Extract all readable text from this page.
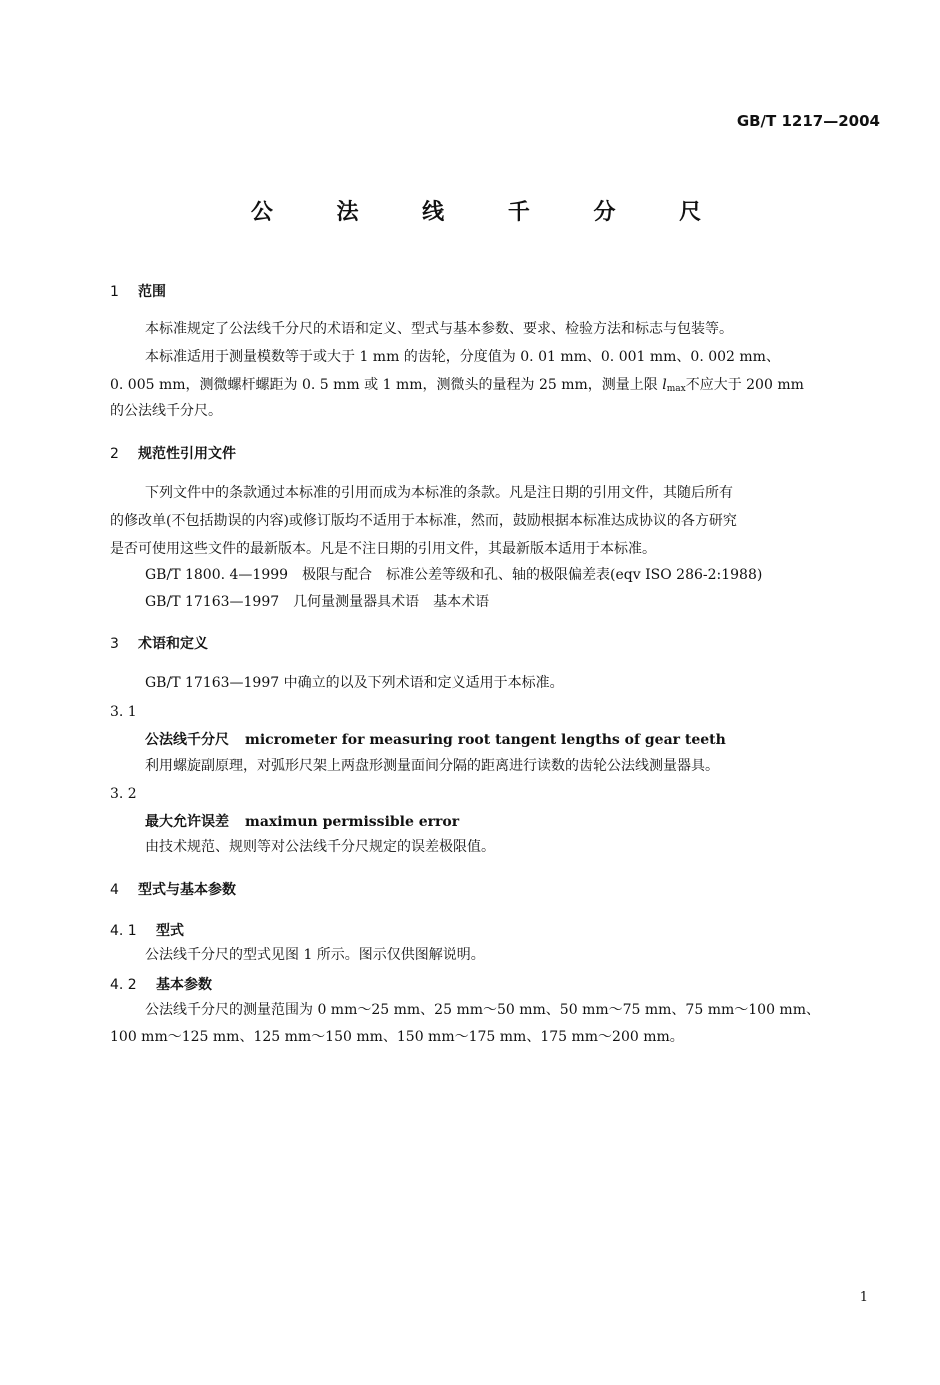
GB/T 1217—2004
公 法 线 千 分 尺
1 范围
本标准规定了公法线千分尺的术语和定义、型式与基本参数、要求、检验方法和标志与包装等。
本标准适用于测量模数等于或大于 1 mm 的齿轮，分度值为 0. 01 mm、0. 001 mm、0. 002 mm、
0. 005 mm，测微螺杆螺距为 0. 5 mm 或 1 mm，测微头的量程为 25 mm，测量上限 $l_{max}$不应大于 200 mm
的公法线千分尺。
2 规范性引用文件
下列文件中的条款通过本标准的引用而成为本标准的条款。凡是注日期的引用文件，其随后所有
的修改单(不包括勘误的内容)或修订版均不适用于本标准，然而，鼓励根据本标准达成协议的各方研究
是否可使用这些文件的最新版本。凡是不注日期的引用文件，其最新版本适用于本标准。
GB/T 1800. 4—1999　极限与配合　标准公差等级和孔、轴的极限偏差表(eqv ISO 286-2:1988)
GB/T 17163—1997　几何量测量器具术语　基本术语
3 术语和定义
GB/T 17163—1997 中确立的以及下列术语和定义适用于本标准。
3. 1
公法线千分尺 micrometer for measuring root tangent lengths of gear teeth
利用螺旋副原理，对弧形尺架上两盘形测量面间分隔的距离进行读数的齿轮公法线测量器具。
3. 2
最大允许误差 maximun permissible error
由技术规范、规则等对公法线千分尺规定的误差极限值。
4 型式与基本参数
4. 1 型式
公法线千分尺的型式见图 1 所示。图示仅供图解说明。
4. 2 基本参数
公法线千分尺的测量范围为 0 mm～25 mm、25 mm～50 mm、50 mm～75 mm、75 mm～100 mm、
100 mm～125 mm、125 mm～150 mm、150 mm～175 mm、175 mm～200 mm。
1
